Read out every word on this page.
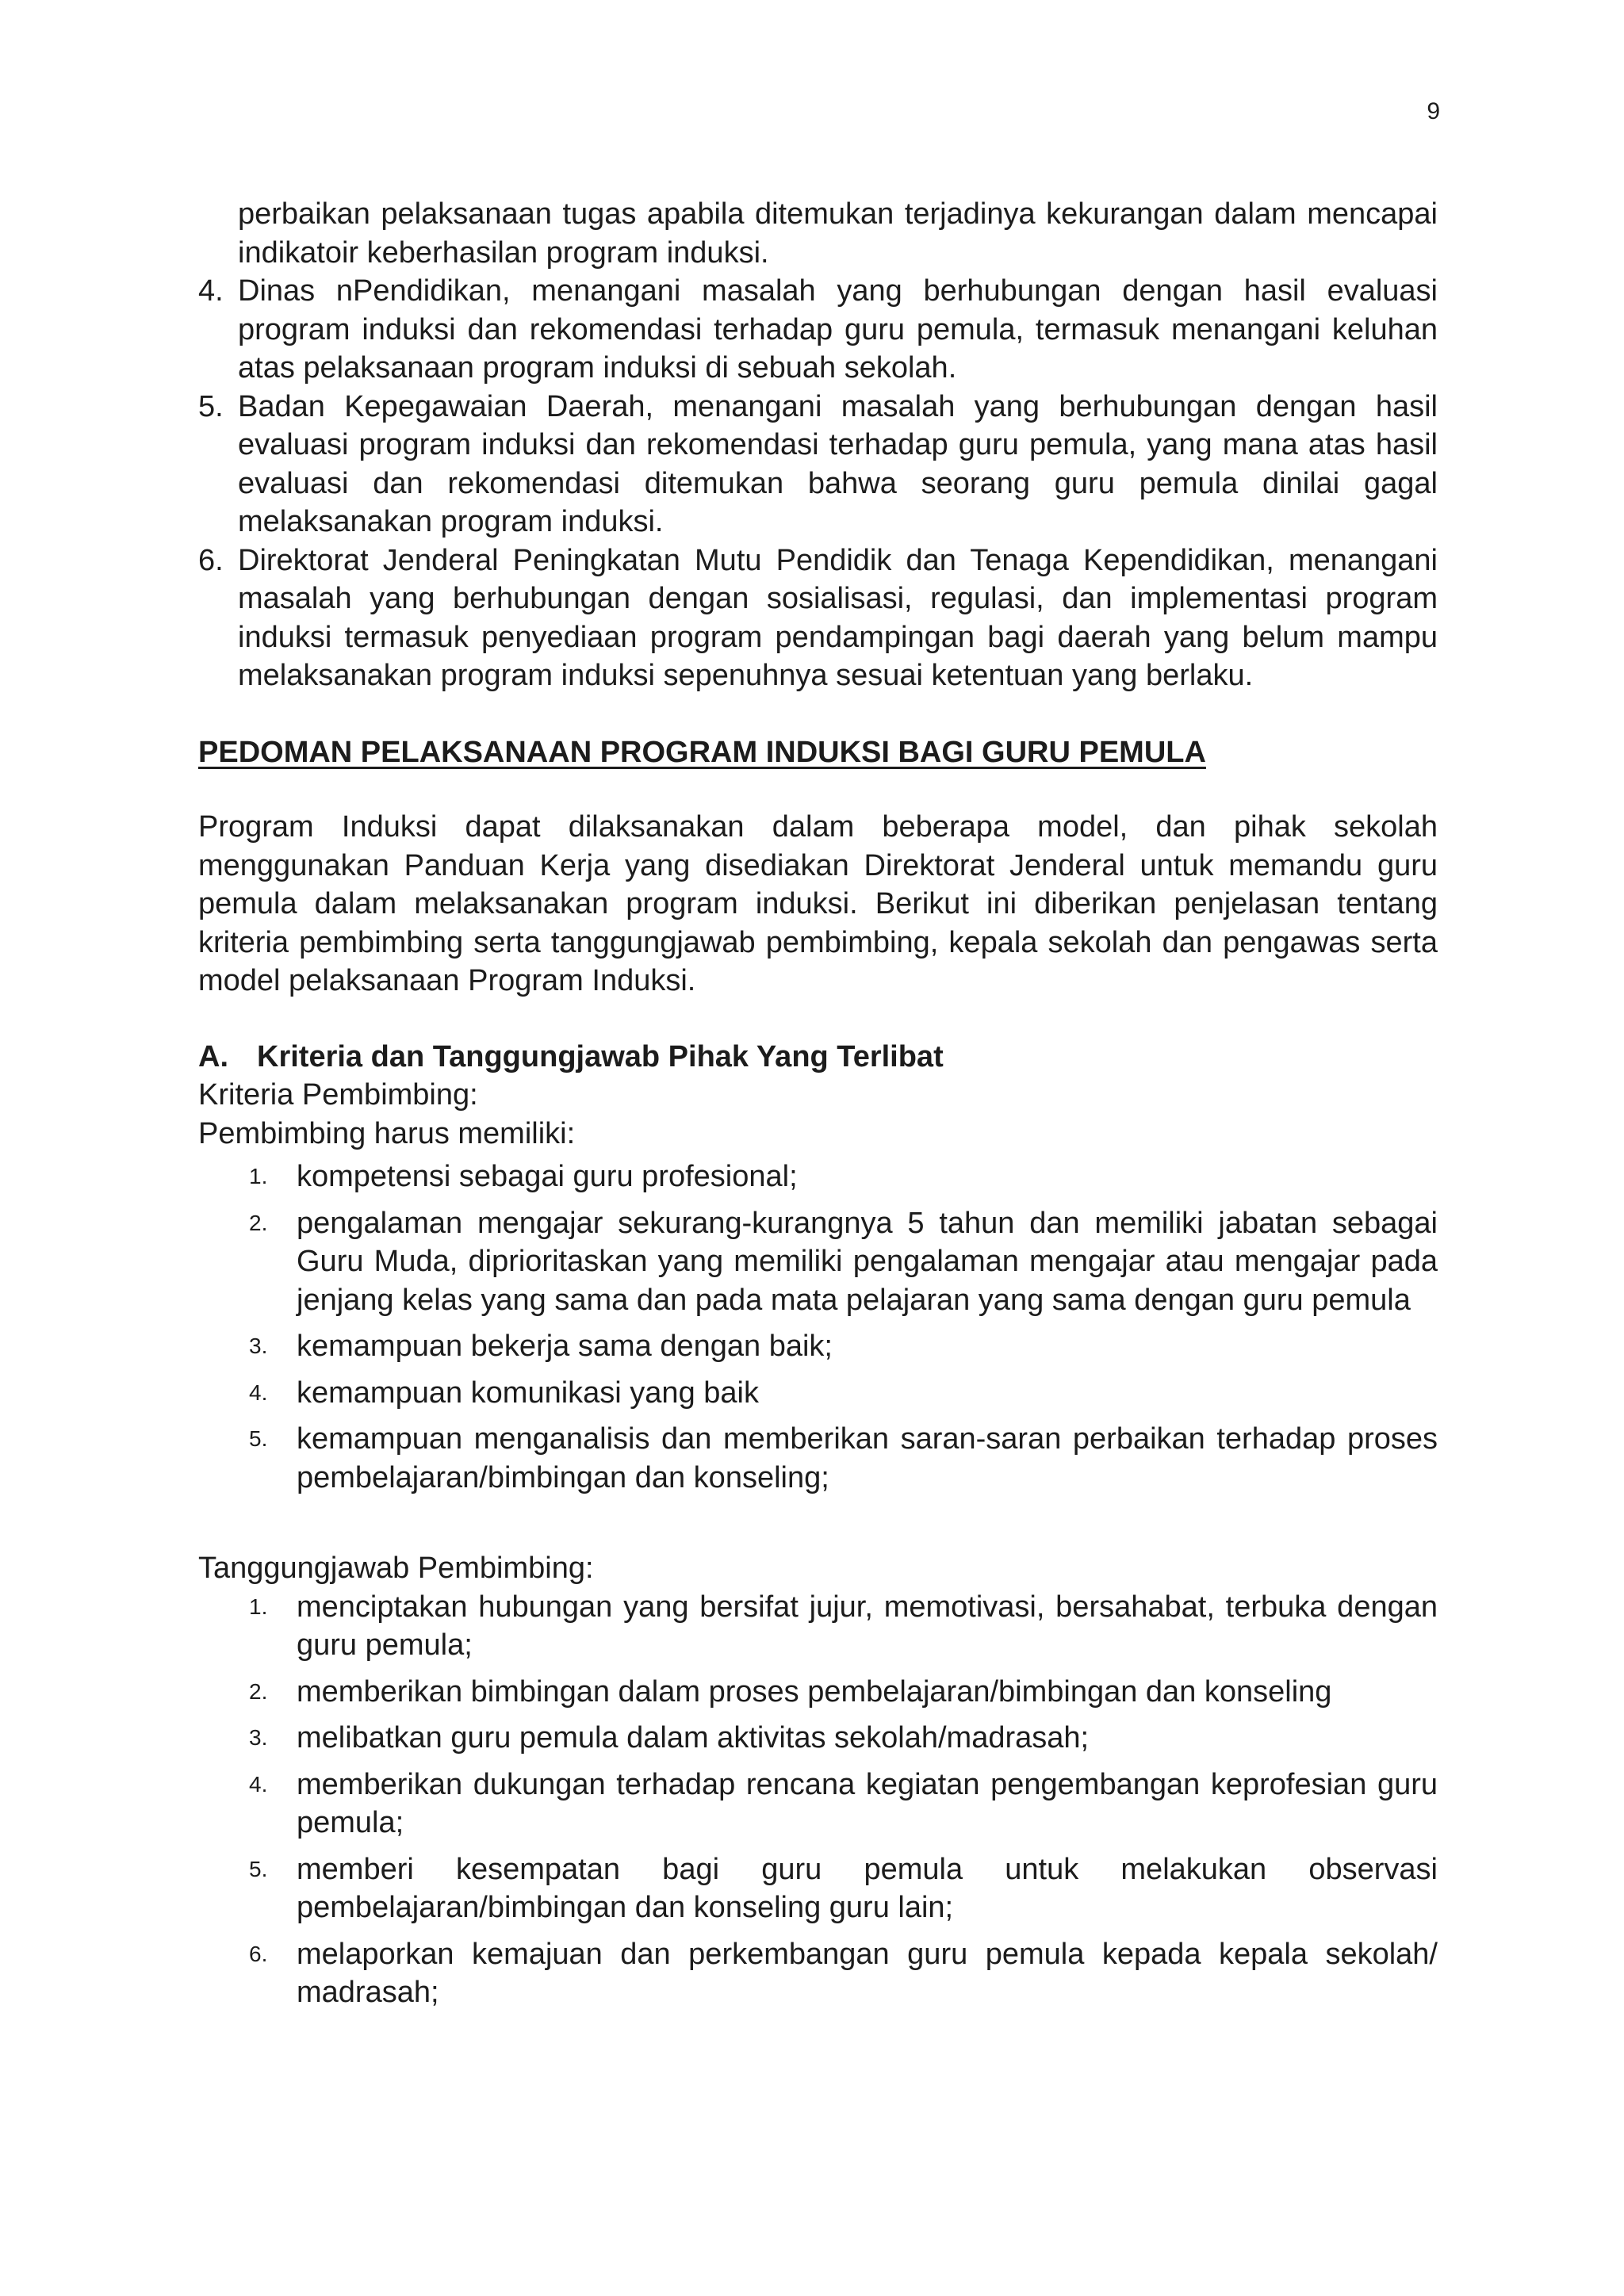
9
perbaikan pelaksanaan tugas apabila ditemukan terjadinya kekurangan dalam mencapai indikatoir keberhasilan program induksi.
4. Dinas nPendidikan, menangani masalah yang berhubungan dengan hasil evaluasi program induksi dan rekomendasi terhadap guru pemula, termasuk menangani keluhan atas pelaksanaan program induksi di sebuah sekolah.
5. Badan Kepegawaian Daerah, menangani masalah yang berhubungan dengan hasil evaluasi program induksi dan rekomendasi terhadap guru pemula, yang mana atas hasil evaluasi dan rekomendasi ditemukan bahwa seorang guru pemula dinilai gagal melaksanakan program induksi.
6. Direktorat Jenderal Peningkatan Mutu Pendidik dan Tenaga Kependidikan, menangani masalah yang berhubungan dengan sosialisasi, regulasi, dan implementasi program induksi termasuk penyediaan program pendampingan bagi daerah yang belum mampu melaksanakan program induksi sepenuhnya sesuai ketentuan yang berlaku.
PEDOMAN PELAKSANAAN PROGRAM INDUKSI BAGI GURU PEMULA
Program Induksi dapat dilaksanakan dalam beberapa model, dan pihak sekolah menggunakan Panduan Kerja yang disediakan Direktorat Jenderal untuk memandu guru pemula dalam melaksanakan program induksi. Berikut ini diberikan penjelasan tentang kriteria pembimbing serta tanggungjawab pembimbing, kepala sekolah dan pengawas serta model pelaksanaan Program Induksi.
A. Kriteria dan Tanggungjawab Pihak Yang Terlibat
Kriteria Pembimbing:
Pembimbing harus memiliki:
1. kompetensi sebagai guru profesional;
2. pengalaman mengajar sekurang-kurangnya 5 tahun dan memiliki jabatan sebagai Guru Muda, diprioritaskan yang memiliki pengalaman mengajar atau mengajar pada jenjang kelas yang sama dan pada mata pelajaran yang sama dengan guru pemula
3. kemampuan bekerja sama dengan baik;
4. kemampuan komunikasi yang baik
5. kemampuan menganalisis dan memberikan saran-saran perbaikan terhadap proses pembelajaran/bimbingan dan konseling;
Tanggungjawab Pembimbing:
1. menciptakan hubungan yang bersifat jujur, memotivasi, bersahabat, terbuka dengan guru pemula;
2. memberikan bimbingan dalam proses pembelajaran/bimbingan dan konseling
3. melibatkan guru pemula dalam aktivitas sekolah/madrasah;
4. memberikan dukungan terhadap rencana kegiatan pengembangan keprofesian guru pemula;
5. memberi kesempatan bagi guru pemula untuk melakukan observasi pembelajaran/bimbingan dan konseling guru lain;
6. melaporkan kemajuan dan perkembangan guru pemula kepada kepala sekolah/ madrasah;
